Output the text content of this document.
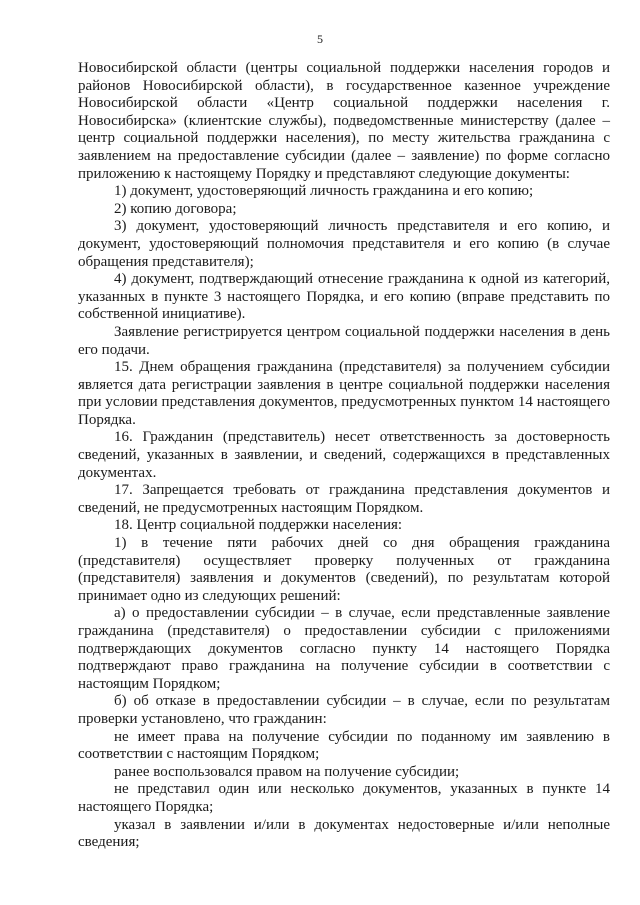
5

Новосибирской области (центры социальной поддержки населения городов и районов Новосибирской области), в государственное казенное учреждение Новосибирской области «Центр социальной поддержки населения г. Новосибирска» (клиентские службы), подведомственные министерству (далее – центр социальной поддержки населения), по месту жительства гражданина с заявлением на предоставление субсидии (далее – заявление) по форме согласно приложению к настоящему Порядку и представляют следующие документы:

1) документ, удостоверяющий личность гражданина и его копию;

2) копию договора;

3) документ, удостоверяющий личность представителя и его копию, и документ, удостоверяющий полномочия представителя и его копию (в случае обращения представителя);

4) документ, подтверждающий отнесение гражданина к одной из категорий, указанных в пункте 3 настоящего Порядка, и его копию (вправе представить по собственной инициативе).

Заявление регистрируется центром социальной поддержки населения в день его подачи.

15. Днем обращения гражданина (представителя) за получением субсидии является дата регистрации заявления в центре социальной поддержки населения при условии представления документов, предусмотренных пунктом 14 настоящего Порядка.

16. Гражданин (представитель) несет ответственность за достоверность сведений, указанных в заявлении, и сведений, содержащихся в представленных документах.

17. Запрещается требовать от гражданина представления документов и сведений, не предусмотренных настоящим Порядком.

18. Центр социальной поддержки населения:

1) в течение пяти рабочих дней со дня обращения гражданина (представителя) осуществляет проверку полученных от гражданина (представителя) заявления и документов (сведений), по результатам которой принимает одно из следующих решений:

а) о предоставлении субсидии – в случае, если представленные заявление гражданина (представителя) о предоставлении субсидии с приложениями подтверждающих документов согласно пункту 14 настоящего Порядка подтверждают право гражданина на получение субсидии в соответствии с настоящим Порядком;

б) об отказе в предоставлении субсидии – в случае, если по результатам проверки установлено, что гражданин:

не имеет права на получение субсидии по поданному им заявлению в соответствии с настоящим Порядком;

ранее воспользовался правом на получение субсидии;

не представил один или несколько документов, указанных в пункте 14 настоящего Порядка;

указал в заявлении и/или в документах недостоверные и/или неполные сведения;
